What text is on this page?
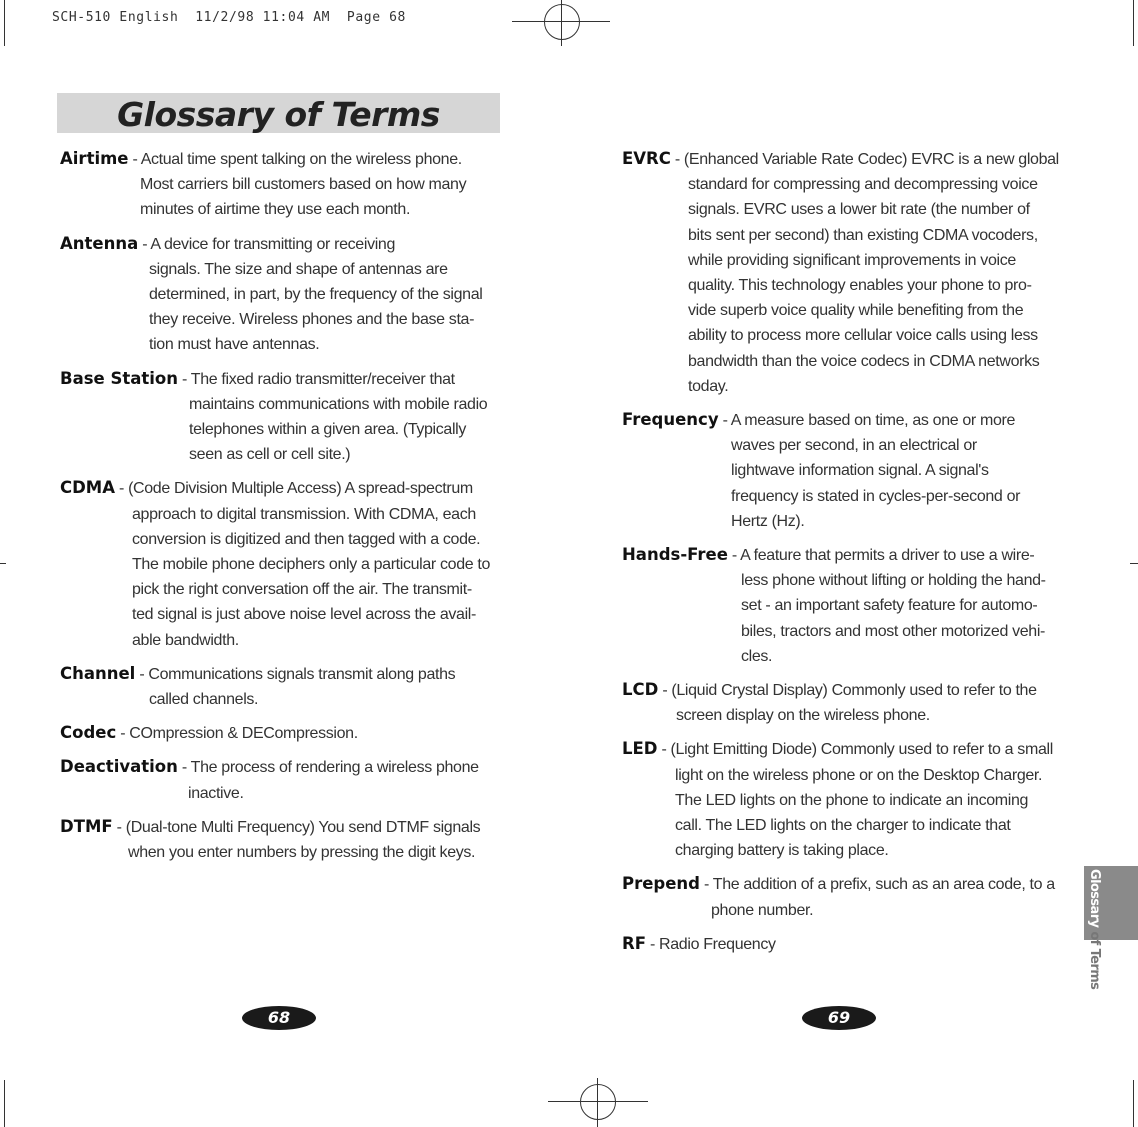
SCH-510 English  11/2/98 11:04 AM  Page 68
Glossary of Terms
Airtime - Actual time spent talking on the wireless phone.
Most carriers bill customers based on how many
minutes of airtime they use each month.
Antenna - A device for transmitting or receiving
signals. The size and shape of antennas are
determined, in part, by the frequency of the signal
they receive. Wireless phones and the base sta-
tion must have antennas.
Base Station - The fixed radio transmitter/receiver that
maintains communications with mobile radio
telephones within a given area. (Typically
seen as cell or cell site.)
CDMA - (Code Division Multiple Access) A spread-spectrum
approach to digital transmission. With CDMA, each
conversion is digitized and then tagged with a code.
The mobile phone deciphers only a particular code to
pick the right conversation off the air. The transmit-
ted signal is just above noise level across the avail-
able bandwidth.
Channel - Communications signals transmit along paths
called channels.
Codec - COmpression & DECompression.
Deactivation - The process of rendering a wireless phone
inactive.
DTMF - (Dual-tone Multi Frequency) You send DTMF signals
when you enter numbers by pressing the digit keys.
EVRC - (Enhanced Variable Rate Codec) EVRC is a new global
standard for compressing and decompressing voice
signals. EVRC uses a lower bit rate (the number of
bits sent per second) than existing CDMA vocoders,
while providing significant improvements in voice
quality. This technology enables your phone to pro-
vide superb voice quality while benefiting from the
ability to process more cellular voice calls using less
bandwidth than the voice codecs in CDMA networks
today.
Frequency - A measure based on time, as one or more
waves per second, in an electrical or
lightwave information signal. A signal's
frequency is stated in cycles-per-second or
Hertz (Hz).
Hands-Free - A feature that permits a driver to use a wire-
less phone without lifting or holding the hand-
set - an important safety feature for automo-
biles, tractors and most other motorized vehi-
cles.
LCD - (Liquid Crystal Display) Commonly used to refer to the
screen display on the wireless phone.
LED - (Light Emitting Diode) Commonly used to refer to a small
light on the wireless phone or on the Desktop Charger.
The LED lights on the phone to indicate an incoming
call. The LED lights on the charger to indicate that
charging battery is taking place.
Prepend - The addition of a prefix, such as an area code, to a
phone number.
RF - Radio Frequency
68	69
Glossary of Terms
